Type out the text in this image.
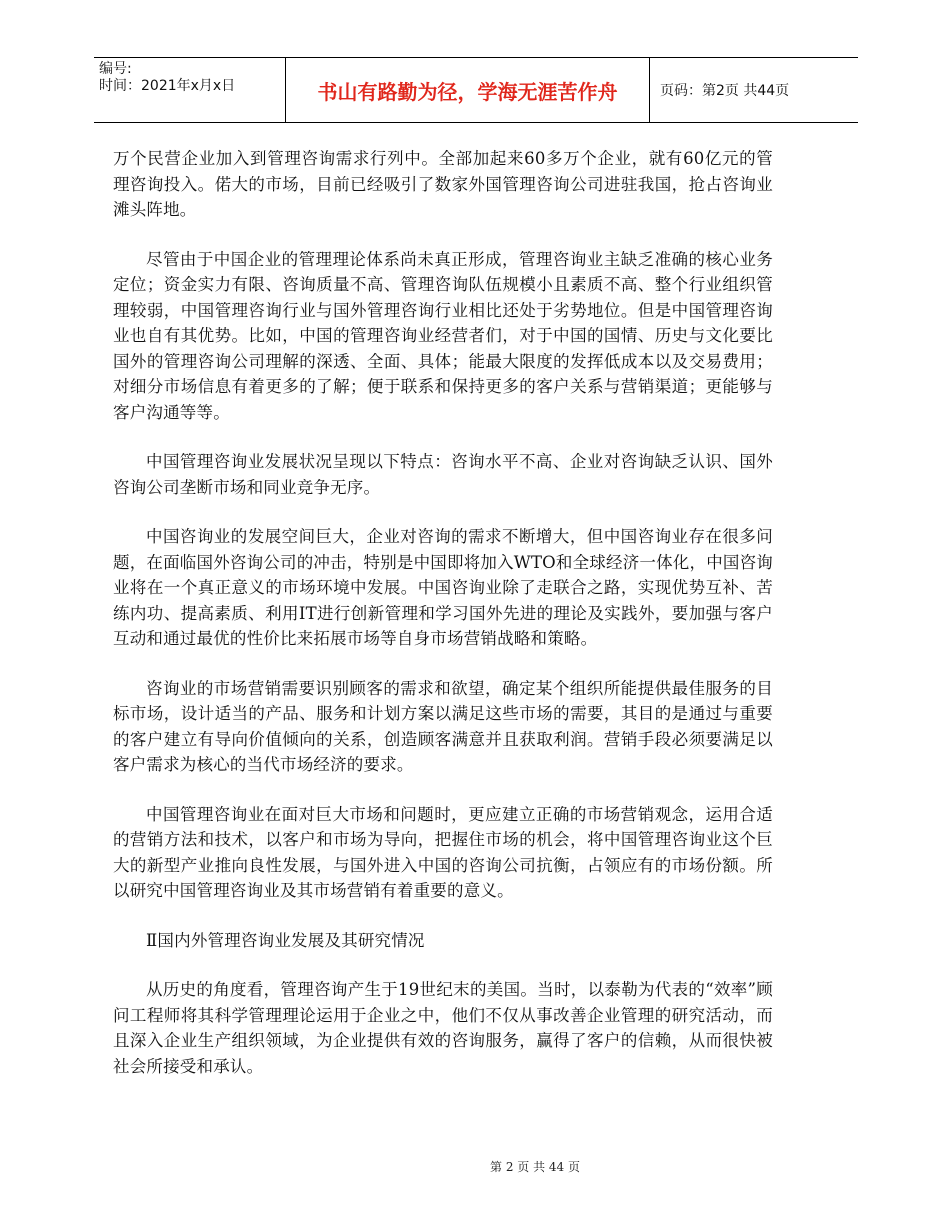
编号:
时间：2021年x月x日	书山有路勤为径，学海无涯苦作舟	页码：第2页 共44页

万个民营企业加入到管理咨询需求行列中。全部加起来60多万个企业，就有60亿元的管理咨询投入。偌大的市场，目前已经吸引了数家外国管理咨询公司进驻我国，抢占咨询业滩头阵地。

尽管由于中国企业的管理理论体系尚未真正形成，管理咨询业主缺乏准确的核心业务定位；资金实力有限、咨询质量不高、管理咨询队伍规模小且素质不高、整个行业组织管理较弱，中国管理咨询行业与国外管理咨询行业相比还处于劣势地位。但是中国管理咨询业也自有其优势。比如，中国的管理咨询业经营者们，对于中国的国情、历史与文化要比国外的管理咨询公司理解的深透、全面、具体；能最大限度的发挥低成本以及交易费用；对细分市场信息有着更多的了解；便于联系和保持更多的客户关系与营销渠道；更能够与客户沟通等等。

中国管理咨询业发展状况呈现以下特点：咨询水平不高、企业对咨询缺乏认识、国外咨询公司垄断市场和同业竞争无序。

中国咨询业的发展空间巨大，企业对咨询的需求不断增大，但中国咨询业存在很多问题，在面临国外咨询公司的冲击，特别是中国即将加入WTO和全球经济一体化，中国咨询业将在一个真正意义的市场环境中发展。中国咨询业除了走联合之路，实现优势互补、苦练内功、提高素质、利用IT进行创新管理和学习国外先进的理论及实践外，要加强与客户互动和通过最优的性价比来拓展市场等自身市场营销战略和策略。

咨询业的市场营销需要识别顾客的需求和欲望，确定某个组织所能提供最佳服务的目标市场，设计适当的产品、服务和计划方案以满足这些市场的需要，其目的是通过与重要的客户建立有导向价值倾向的关系，创造顾客满意并且获取利润。营销手段必须要满足以客户需求为核心的当代市场经济的要求。

中国管理咨询业在面对巨大市场和问题时，更应建立正确的市场营销观念，运用合适的营销方法和技术，以客户和市场为导向，把握住市场的机会，将中国管理咨询业这个巨大的新型产业推向良性发展，与国外进入中国的咨询公司抗衡，占领应有的市场份额。所以研究中国管理咨询业及其市场营销有着重要的意义。

Ⅱ国内外管理咨询业发展及其研究情况

从历史的角度看，管理咨询产生于19世纪末的美国。当时，以泰勒为代表的“效率”顾问工程师将其科学管理理论运用于企业之中，他们不仅从事改善企业管理的研究活动，而且深入企业生产组织领域，为企业提供有效的咨询服务，赢得了客户的信赖，从而很快被社会所接受和承认。

第 2 页 共 44 页
